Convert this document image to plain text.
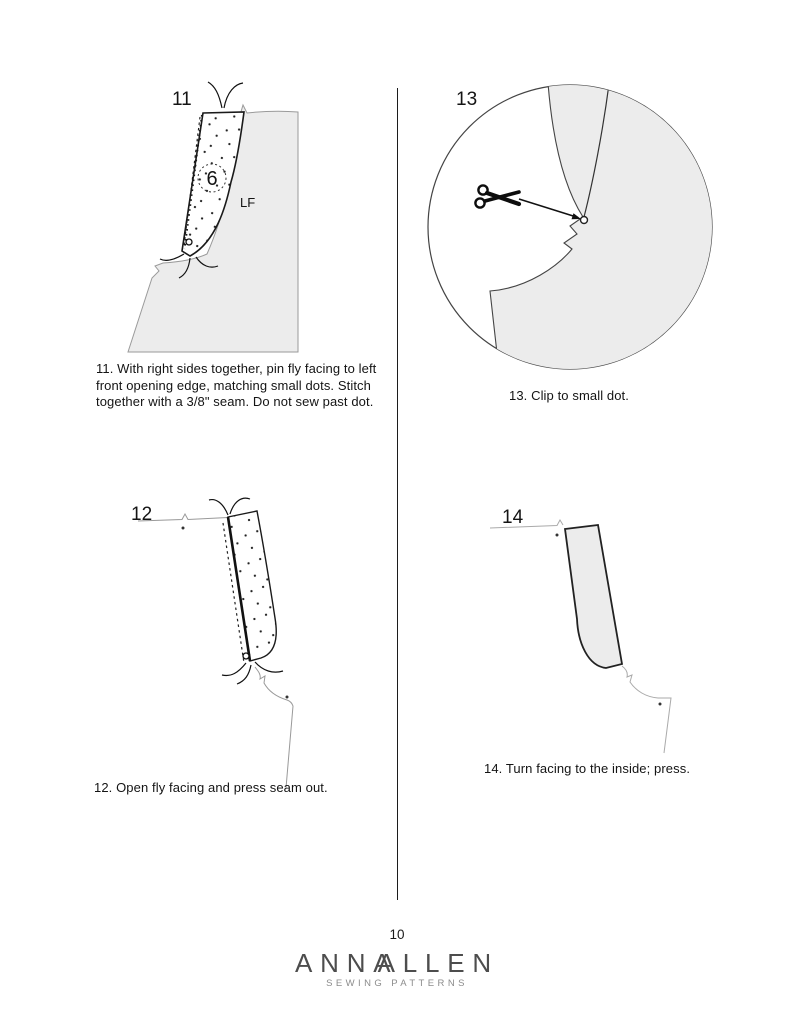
11
6
LF
11. With right sides together, pin fly facing to left front opening edge, matching small dots. Stitch together with a 3/8" seam. Do not sew past dot.
13
13. Clip to small dot.
12
12. Open fly facing and press seam out.
14
14. Turn facing to the inside; press.
10
ANNAALLEN
SEWING PATTERNS
